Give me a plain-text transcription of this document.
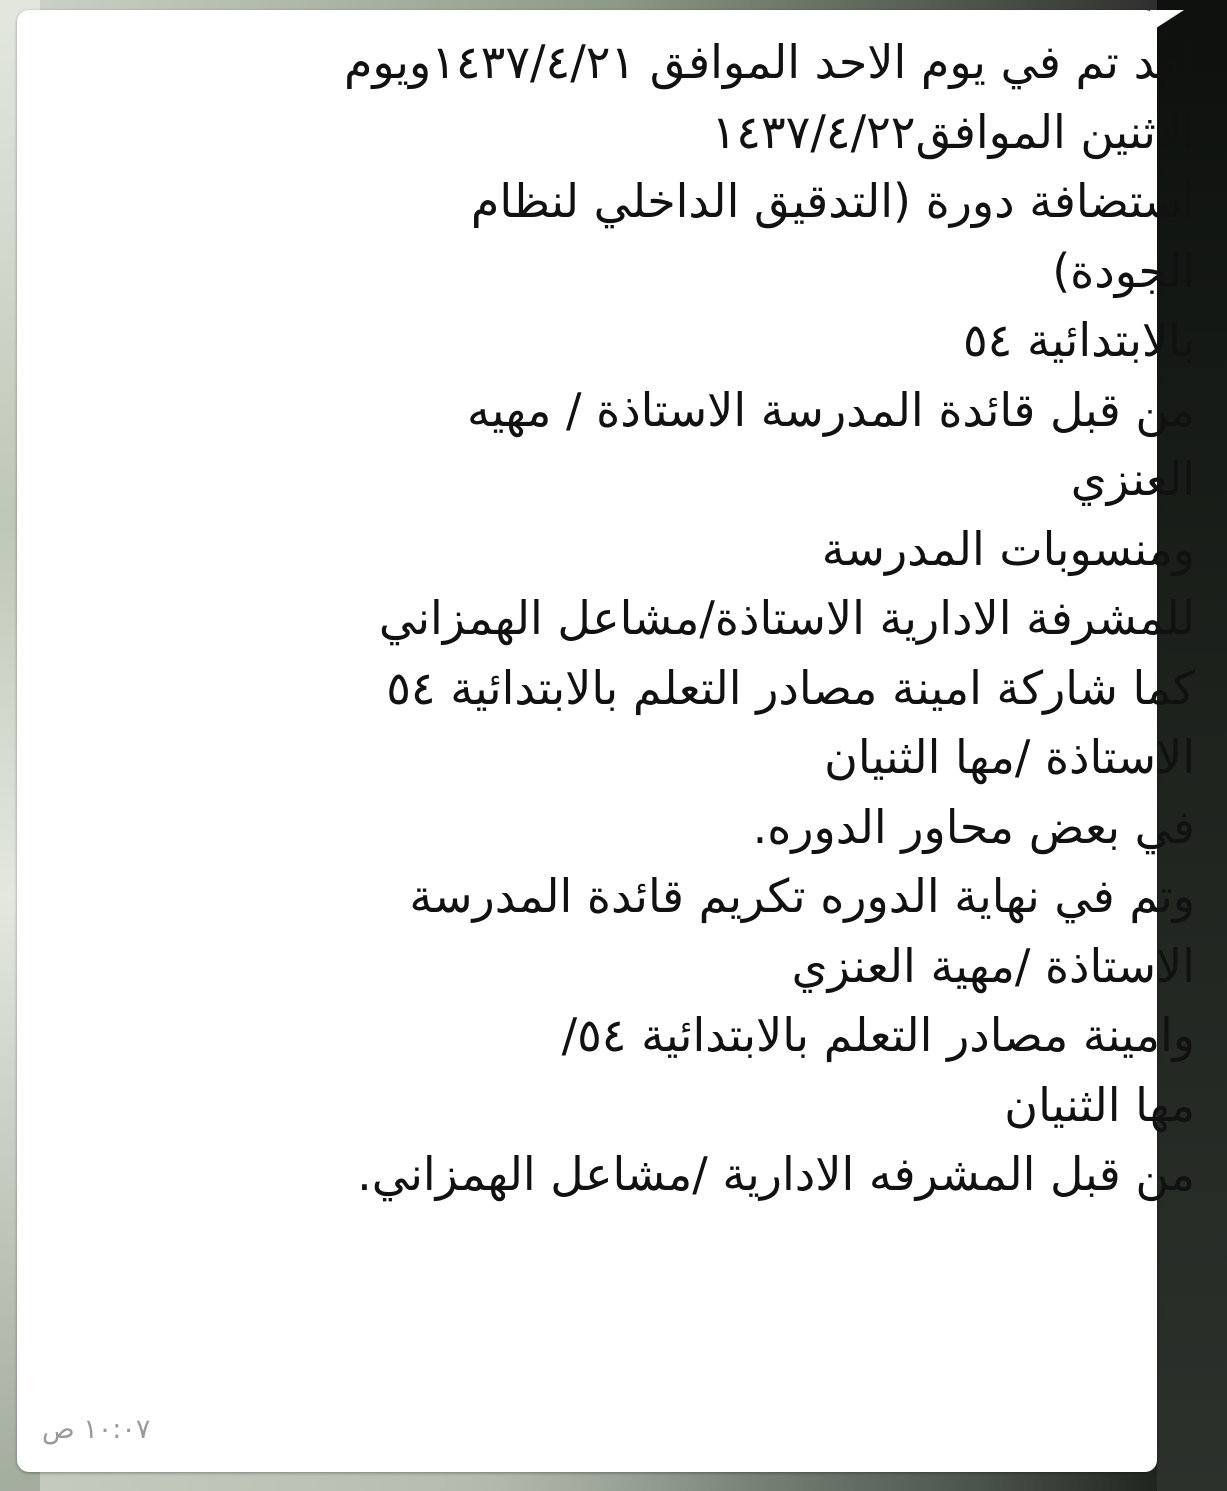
لقد تم في يوم الاحد الموافق ١٤٣٧/٤/٢١ويوم
الاثنين الموافق١٤٣٧/٤/٢٢
استضافة دورة (التدقيق الداخلي لنظام
الجودة)
بالابتدائية ٥٤
من قبل قائدة المدرسة الاستاذة / مهيه
العنزي
ومنسوبات المدرسة
للمشرفة الادارية الاستاذة/مشاعل الهمزاني
كما شاركة امينة مصادر التعلم بالابتدائية ٥٤
الاستاذة /مها الثنيان
في بعض محاور الدوره.
وتم في نهاية الدوره تكريم قائدة المدرسة
الاستاذة /مهية العنزي
وامينة مصادر التعلم بالابتدائية ٥٤/
مها الثنيان
من قبل المشرفه الادارية /مشاعل الهمزاني.
١٠:٠٧ ص
